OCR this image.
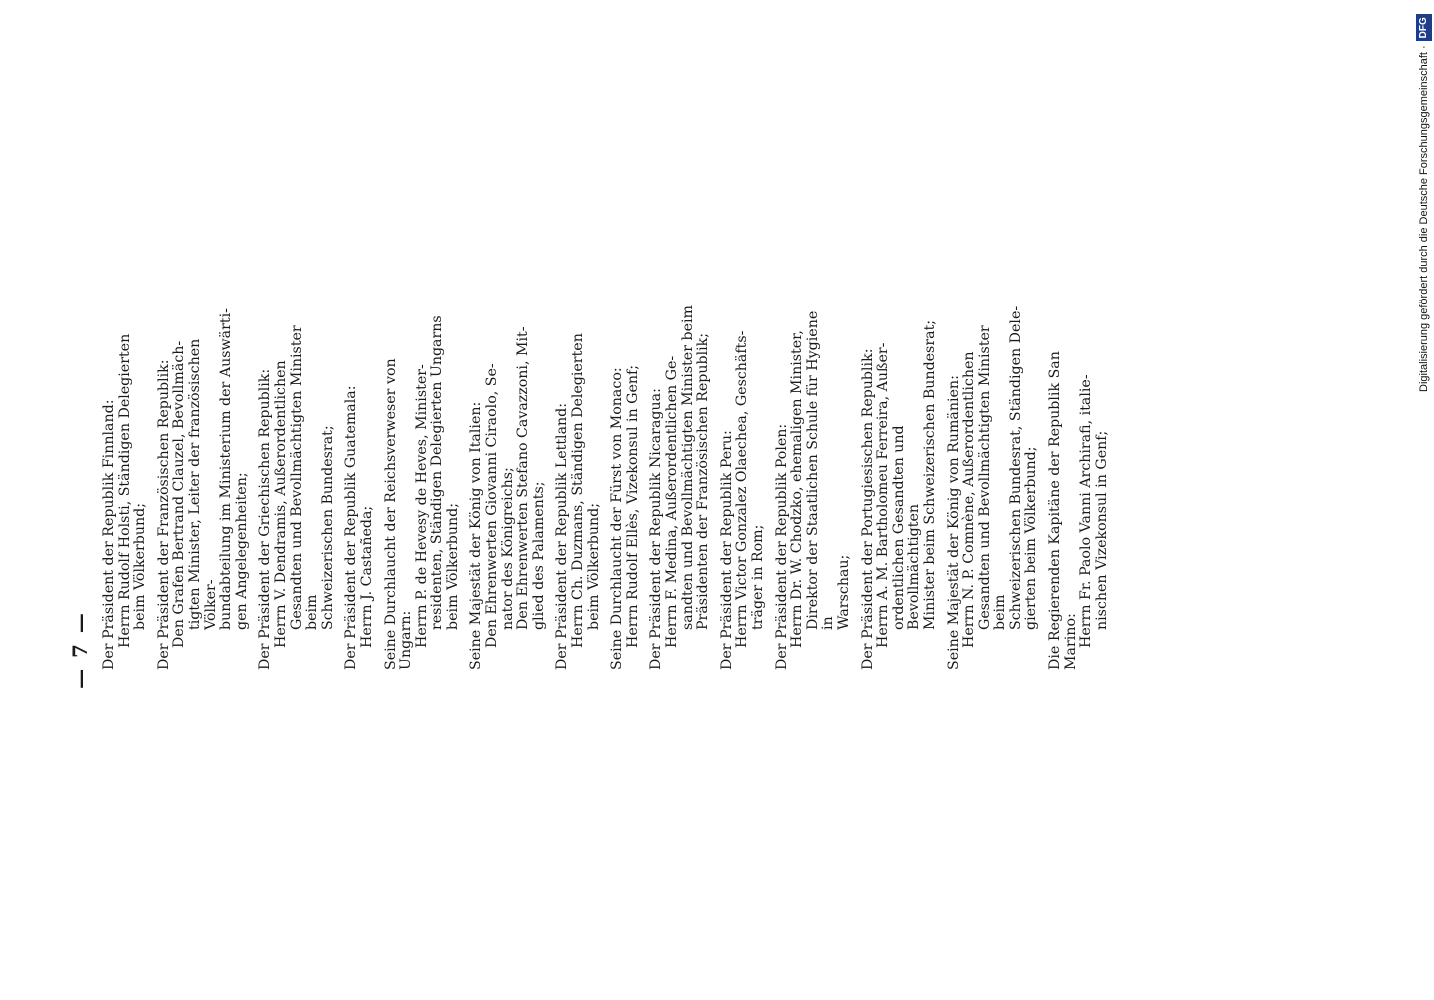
— 7 — Der Präsident der Republik Finnland: Herrn Rudolf Holsti, Ständigen Delegierten beim Völkerbund; Der Präsident der Französischen Republik: Den Grafen Bertrand Clauzel, Bevollmäch- tigten Minister, Leiter der französischen Völker- bundabteilung im Ministerium der Auswärti- gen Angelegenheiten; Der Präsident der Griechischen Republik: Herrn V. Dendramis, Außerordentlichen Gesandten und Bevollmächtigten Minister beim Schweizerischen Bundesrat; Der Präsident der Republik Guatemala: Herrn J. Castañeda; Seine Durchlaucht der Reichsverweser von Ungarn: Herrn P. de Hevesy de Heves, Minister- residenten, Ständigen Delegierten Ungarns beim Völkerbund; Seine Majestät der König von Italien: Den Ehrenwerten Giovanni Ciraolo, Se- nator des Königreichs; Den Ehrenwerten Stefano Cavazzoni, Mit- glied des Palaments; Der Präsident der Republik Lettland: Herrn Ch. Duzmans, Ständigen Delegierten beim Völkerbund; Seine Durchlaucht der Fürst von Monaco: Herrn Rudolf Ellès, Vizekonsul in Genf; Der Präsident der Republik Nicaragua: Herrn F. Medina, Außerordentlichen Ge- sandten und Bevollmächtigten Minister beim Präsidenten der Französischen Republik; Der Präsident der Republik Peru: Herrn Victor Gonzalez Olaechea, Geschäfts- träger in Rom; Der Präsident der Republik Polen: Herrn Dr. W. Chodzko, ehemaligen Minister, Direktor der Staatlichen Schule für Hygiene in Warschau; Der Präsident der Portugiesischen Republik: Herrn A. M. Bartholomeu Ferreira, Außer- ordentlichen Gesandten und Bevollmächtigten Minister beim Schweizerischen Bundesrat; Seine Majestät der König von Rumänien: Herrn N. P. Comnène, Außerordentlichen Gesandten und Bevollmächtigten Minister beim Schweizerischen Bundesrat, Ständigen Dele- gierten beim Völkerbund; Die Regierenden Kapitäne der Republik San Marino: Herrn Fr. Paolo Vanni Archirafi, italie- nischen Vizekonsul in Genf;
Digitalisierung gefördert durch die Deutsche Forschungsgemeinschaft ·
DFG
